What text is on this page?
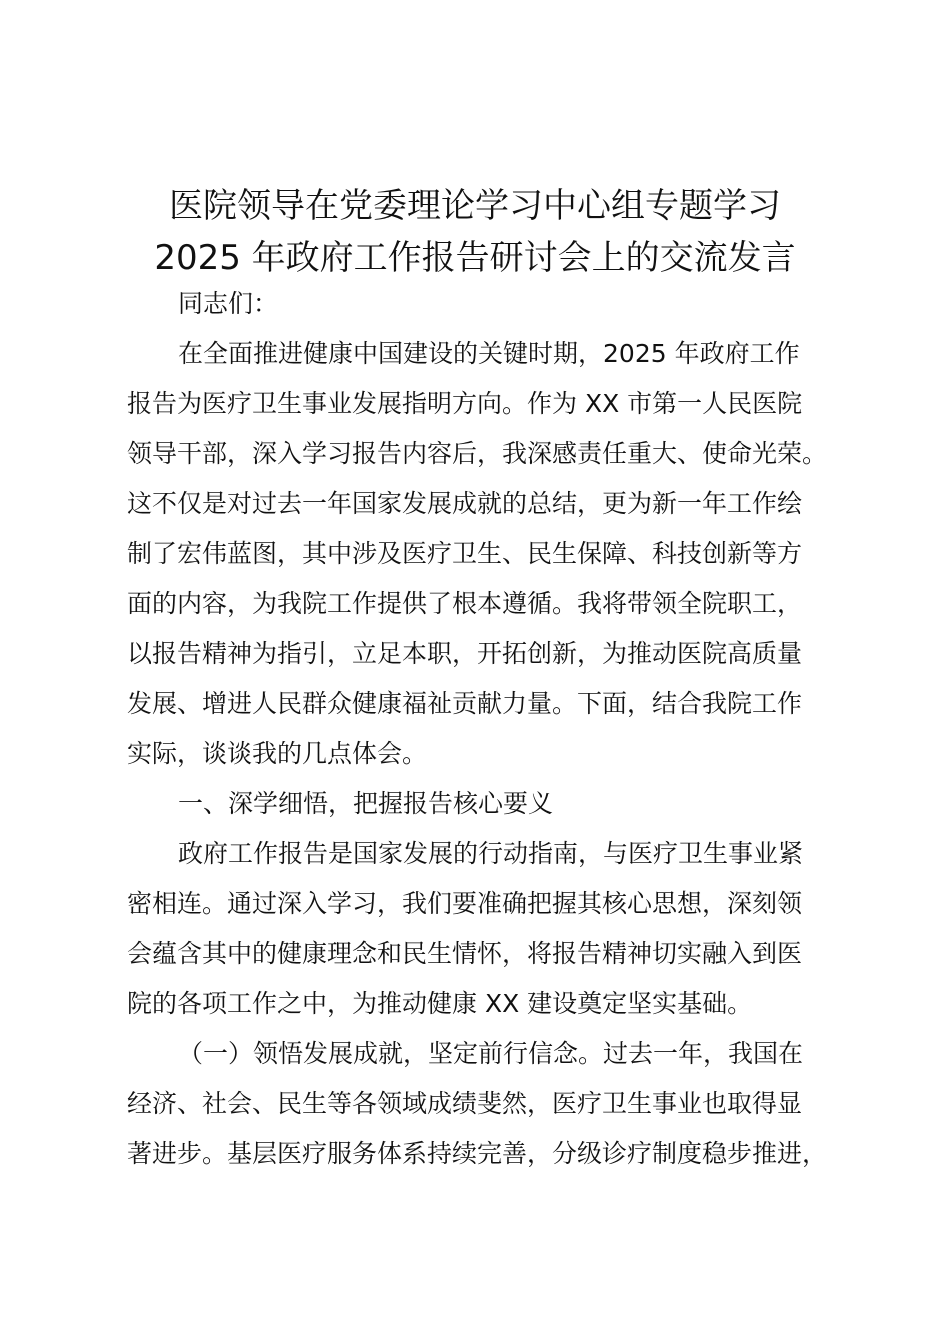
医院领导在党委理论学习中心组专题学习
2025 年政府工作报告研讨会上的交流发言
同志们：
在全面推进健康中国建设的关键时期，2025 年政府工作
报告为医疗卫生事业发展指明方向。作为 XX 市第一人民医院
领导干部，深入学习报告内容后，我深感责任重大、使命光荣。
这不仅是对过去一年国家发展成就的总结，更为新一年工作绘
制了宏伟蓝图，其中涉及医疗卫生、民生保障、科技创新等方
面的内容，为我院工作提供了根本遵循。我将带领全院职工，
以报告精神为指引，立足本职，开拓创新，为推动医院高质量
发展、增进人民群众健康福祉贡献力量。下面，结合我院工作
实际，谈谈我的几点体会。
一、深学细悟，把握报告核心要义
政府工作报告是国家发展的行动指南，与医疗卫生事业紧
密相连。通过深入学习，我们要准确把握其核心思想，深刻领
会蕴含其中的健康理念和民生情怀，将报告精神切实融入到医
院的各项工作之中，为推动健康 XX 建设奠定坚实基础。
（一）领悟发展成就，坚定前行信念。过去一年，我国在
经济、社会、民生等各领域成绩斐然，医疗卫生事业也取得显
著进步。基层医疗服务体系持续完善，分级诊疗制度稳步推进，
